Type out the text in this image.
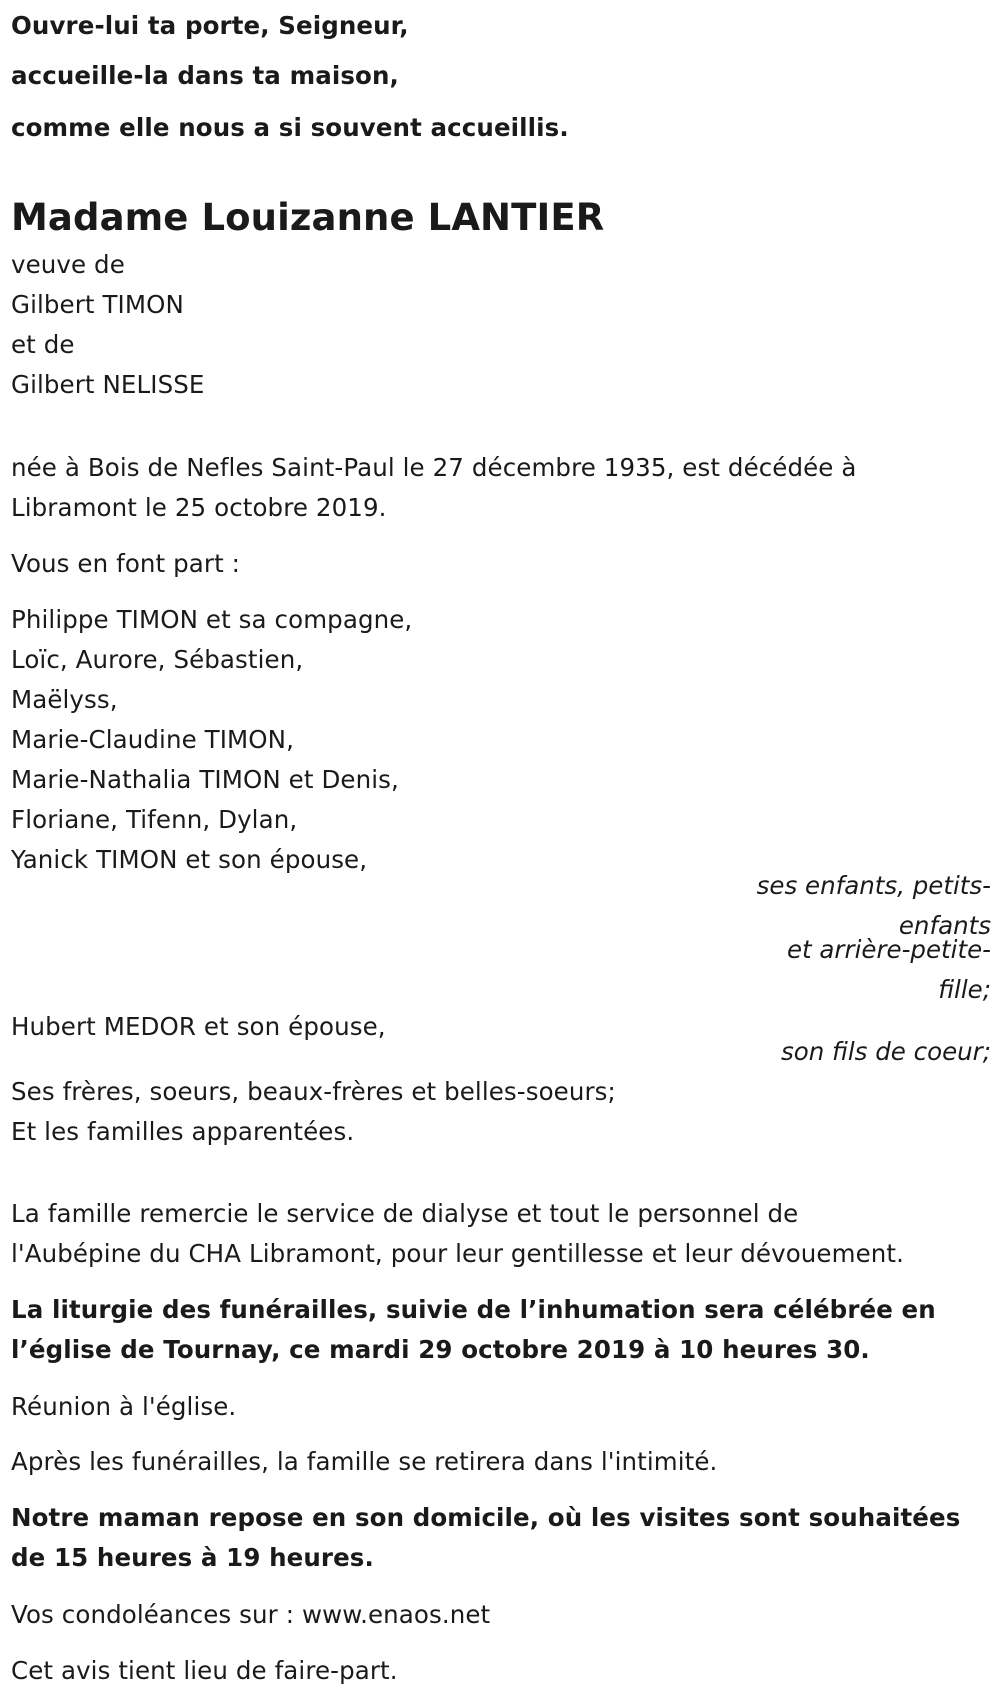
Ouvre-lui ta porte, Seigneur,
accueille-la dans ta maison,
comme elle nous a si souvent accueillis.
Madame Louizanne LANTIER
veuve de
Gilbert TIMON
et de
Gilbert NELISSE
née à Bois de Nefles Saint-Paul le 27 décembre 1935, est décédée à
Libramont le 25 octobre 2019.
Vous en font part :
Philippe TIMON et sa compagne,
Loïc, Aurore, Sébastien,
Maëlyss,
Marie-Claudine TIMON,
Marie-Nathalia TIMON et Denis,
Floriane, Tifenn, Dylan,
Yanick TIMON et son épouse,
ses enfants, petits-
enfants
et arrière-petite-
fille;
Hubert MEDOR et son épouse,
son fils de coeur;
Ses frères, soeurs, beaux-frères et belles-soeurs;
Et les familles apparentées.
La famille remercie le service de dialyse et tout le personnel de
l'Aubépine du CHA Libramont, pour leur gentillesse et leur dévouement.
La liturgie des funérailles, suivie de l’inhumation sera célébrée en
l’église de Tournay, ce mardi 29 octobre 2019 à 10 heures 30.
Réunion à l'église.
Après les funérailles, la famille se retirera dans l'intimité.
Notre maman repose en son domicile, où les visites sont souhaitées
de 15 heures à 19 heures.
Vos condoléances sur : www.enaos.net
Cet avis tient lieu de faire-part.
